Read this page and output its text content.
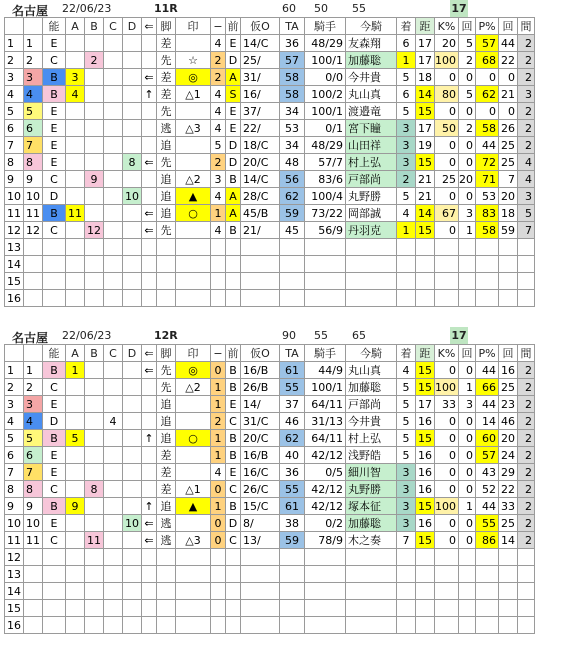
名古屋 22/06/23	11R	60 50 55	17
		能	A	B	C	D	⇐	脚	印	−	前	仮O	TA	騎手	今騎	着	距	K%	回	P%	回	間
1	1	E						差		4	E	14/C	36	48/29	友森翔	6	17	20	5	57	44	2
2	2	C		2				先	☆	2	D	25/	57	100/1	加藤聡	1	17	100	2	68	22	2
3	3	B	3				⇐	差	◎	2	A	31/	58	0/0	今井貴	5	18	0	0	0	0	2
4	4	B	4				↑	差	△1	4	S	16/	58	100/2	丸山真	6	14	80	5	62	21	3
5	5	E						先		4	E	37/	34	100/1	渡邉竜	5	15	0	0	0	0	2
6	6	E						逃	△3	4	E	22/	53	0/1	宮下瞳	3	17	50	2	58	26	2
7	7	E						追		5	D	18/C	34	48/29	山田祥	3	19	0	0	44	25	2
8	8	E				8	⇐	先		2	D	20/C	48	57/7	村上弘	3	15	0	0	72	25	4
9	9	C		9				追	△2	3	B	14/C	56	83/6	戸部尚	2	21	25	20	71	7	4
10	10	D				10		追	▲	4	A	28/C	62	100/4	丸野勝	5	21	0	0	53	20	3
11	11	B	11				⇐	追	○	1	A	45/B	59	73/22	岡部誠	4	14	67	3	83	18	5
12	12	C		12			⇐	先		4	B	21/	45	56/9	丹羽克	1	15	0	1	58	59	7
13																						
14																						
15																						
16																						
名古屋 22/06/23	12R	90 55 65	17
		能	A	B	C	D	⇐	脚	印	−	前	仮O	TA	騎手	今騎	着	距	K%	回	P%	回	間
1	1	B	1				⇐	先	◎	0	B	16/B	61	44/9	丸山真	4	15	0	0	44	16	2
2	2	C						先	△2	1	B	26/B	55	100/1	加藤聡	5	15	100	1	66	25	2
3	3	E						追		1	E	14/	37	64/11	戸部尚	5	17	33	3	44	23	2
4	4	D			4			追		2	C	31/C	46	31/13	今井貴	5	16	0	0	14	46	2
5	5	B	5				↑	追	○	1	B	20/C	62	64/11	村上弘	5	15	0	0	60	20	2
6	6	E						差		1	B	16/B	40	42/12	浅野皓	5	16	0	0	57	24	2
7	7	E						差		4	E	16/C	36	0/5	細川智	3	16	0	0	43	29	2
8	8	C		8				差	△1	0	C	26/C	55	42/12	丸野勝	3	16	0	0	52	22	2
9	9	B	9				↑	追	▲	1	B	15/C	61	42/12	塚本征	3	15	100	1	44	33	2
10	10	E				10	⇐	逃		0	D	8/	38	0/2	加藤聡	3	16	0	0	55	25	2
11	11	C		11			⇐	逃	△3	0	C	13/	59	78/9	木之奏	7	15	0	0	86	14	2
12																						
13																						
14																						
15																						
16																						
